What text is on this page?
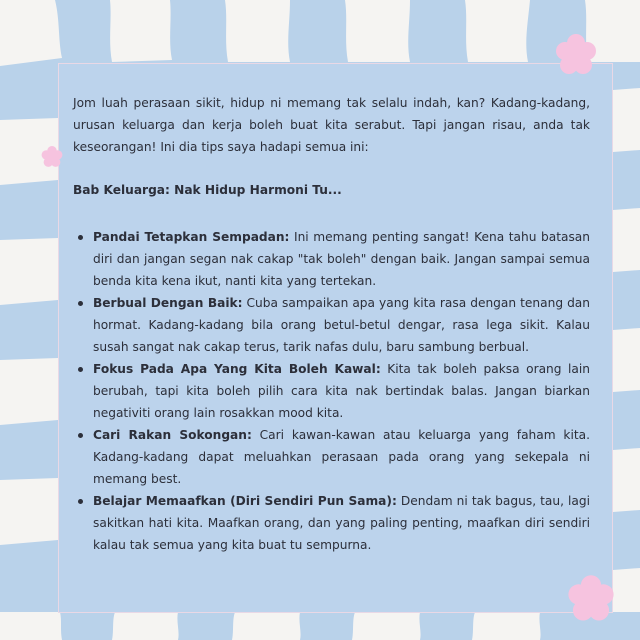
Jom luah perasaan sikit, hidup ni memang tak selalu indah, kan? Kadang-kadang, urusan keluarga dan kerja boleh buat kita serabut. Tapi jangan risau, anda tak keseorangan! Ini dia tips saya hadapi semua ini:

Bab Keluarga: Nak Hidup Harmoni Tu...

Pandai Tetapkan Sempadan: Ini memang penting sangat! Kena tahu batasan diri dan jangan segan nak cakap "tak boleh" dengan baik. Jangan sampai semua benda kita kena ikut, nanti kita yang tertekan.
Berbual Dengan Baik: Cuba sampaikan apa yang kita rasa dengan tenang dan hormat. Kadang-kadang bila orang betul-betul dengar, rasa lega sikit. Kalau susah sangat nak cakap terus, tarik nafas dulu, baru sambung berbual.
Fokus Pada Apa Yang Kita Boleh Kawal: Kita tak boleh paksa orang lain berubah, tapi kita boleh pilih cara kita nak bertindak balas. Jangan biarkan negativiti orang lain rosakkan mood kita.
Cari Rakan Sokongan: Cari kawan-kawan atau keluarga yang faham kita. Kadang-kadang dapat meluahkan perasaan pada orang yang sekepala ni memang best.
Belajar Memaafkan (Diri Sendiri Pun Sama): Dendam ni tak bagus, tau, lagi sakitkan hati kita. Maafkan orang, dan yang paling penting, maafkan diri sendiri kalau tak semua yang kita buat tu sempurna.
